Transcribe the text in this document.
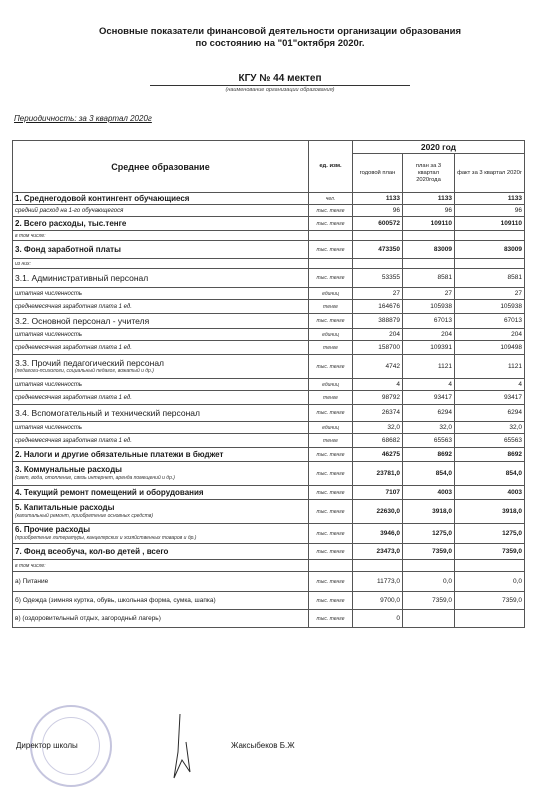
Основные показатели финансовой деятельности организации образования
по состоянию на "01"октября 2020г.
КГУ № 44 мектеп
(наименование организации образования)
Периодичность: за 3 квартал 2020г
Среднее образование	ед. изм.	2020 год		
		годовой план	план за 3 квартал 2020года	факт за 3 квартал 2020г
1. Среднегодовой контингент обучающиеся	чел.	1133	1133	1133
средний расход на 1-го обучающегося	тыс. тенге	96	96	96
2. Всего расходы, тыс.тенге	тыс. тенге	600572	109110	109110
в том числе:				
3. Фонд заработной платы	тыс. тенге	473350	83009	83009
из них:				
3.1. Административный персонал	тыс. тенге	53355	8581	8581
штатная численность	единиц	27	27	27
среднемесячная заработная плата 1 ед.	тенге	164676	105938	105938
3.2. Основной персонал - учителя	тыс. тенге	388879	67013	67013
штатная численность	единиц	204	204	204
среднемесячная заработная плата 1 ед.	тенге	158700	109391	109498

3.3. Прочий педагогический персонал
(педагоги-психологи, социальный педагог, вожатый и др.)	тыс. тенге	4742	1121	1121
штатная численность	единиц	4	4	4
среднемесячная заработная плата 1 ед.	тенге	98792	93417	93417
3.4. Вспомогательный и технический персонал	тыс. тенге	26374	6294	6294
штатная численность	единиц	32,0	32,0	32,0
среднемесячная заработная плата 1 ед.	тенге	68682	65563	65563
2. Налоги и другие обязательные платежи в бюджет	тыс. тенге	46275	8692	8692

3. Коммунальные расходы
(свет, вода, отопление, связь интернет, аренда помещений и др.)	тыс. тенге	23781,0	854,0	854,0
4. Текущий ремонт помещений и оборудования	тыс. тенге	7107	4003	4003

5. Капитальные расходы
(капитальный ремонт, приобретение основных средств)	тыс. тенге	22630,0	3918,0	3918,0

6. Прочие расходы
(приобретение литературы, канцелярских и хозяйственных товаров и др.)	тыс. тенге	3946,0	1275,0	1275,0
7. Фонд всеобуча, кол-во детей , всего	тыс. тенге	23473,0	7359,0	7359,0
в том числе:				
а) Питание	тыс. тенге	11773,0	0,0	0,0
б) Одежда (зимняя куртка, обувь, школьная форма, сумка, шапка)	тыс. тенге	9700,0	7359,0	7359,0
в) (оздоровительный отдых, загородный лагерь)	тыс. тенге	0		
Директор школы	Жаксыбеков Б.Ж
